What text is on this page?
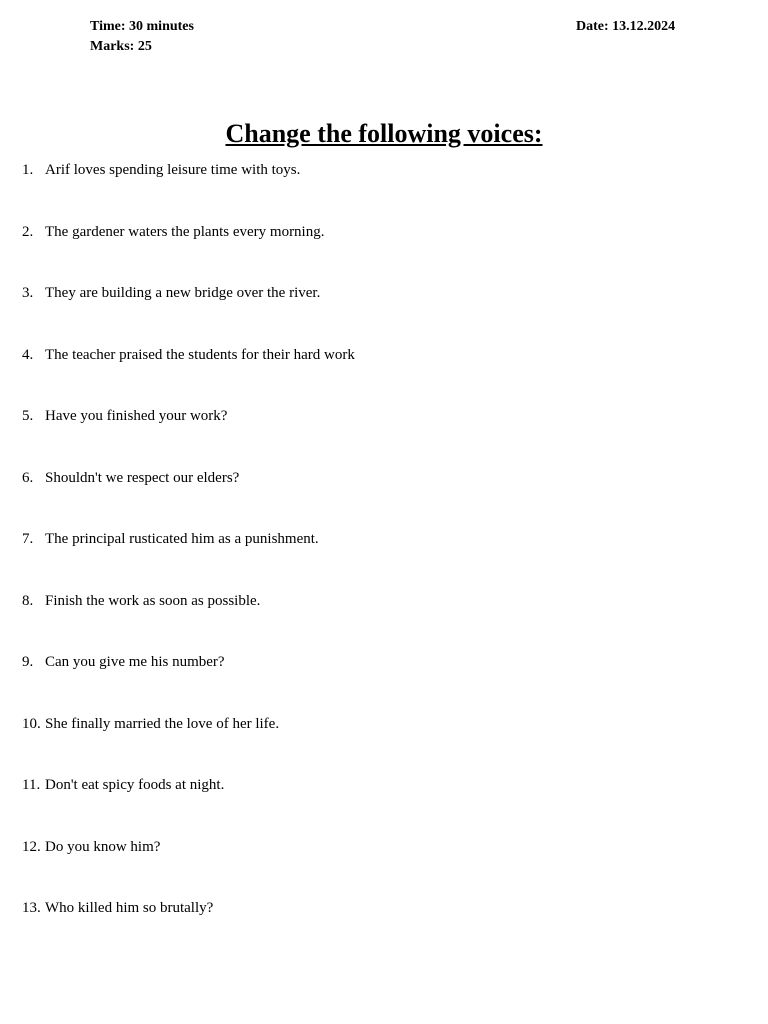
Time: 30 minutes
Marks: 25
Date: 13.12.2024
Change the following voices:
1. Arif loves spending leisure time with toys.
2. The gardener waters the plants every morning.
3. They are building a new bridge over the river.
4. The teacher praised the students for their hard work
5. Have you finished your work?
6. Shouldn't we respect our elders?
7. The principal rusticated him as a punishment.
8. Finish the work as soon as possible.
9. Can you give me his number?
10. She finally married the love of her life.
11. Don't eat spicy foods at night.
12. Do you know him?
13. Who killed him so brutally?
